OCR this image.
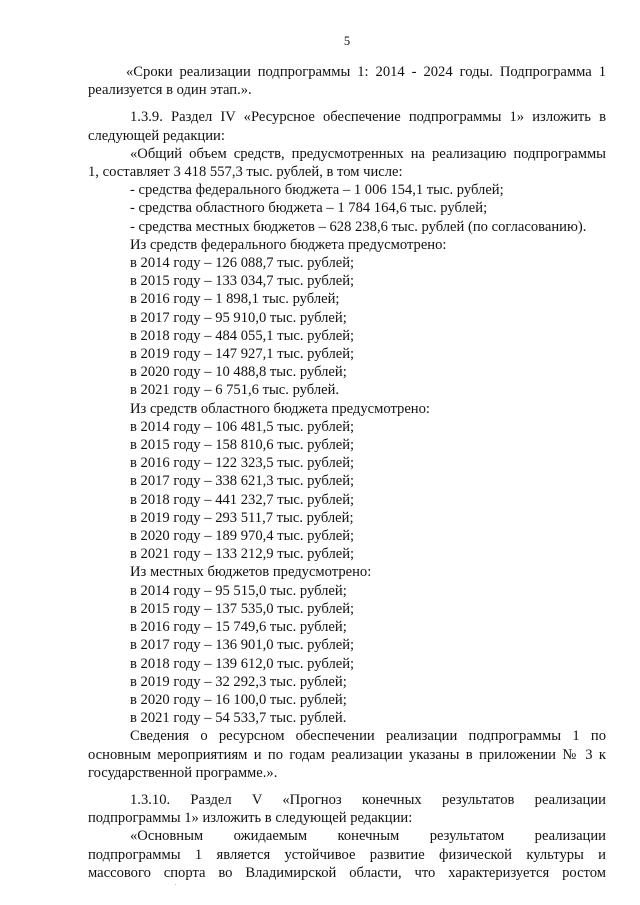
5
«Сроки реализации подпрограммы 1: 2014 - 2024 годы. Подпрограмма 1
реализуется в один этап.».
1.3.9. Раздел IV «Ресурсное обеспечение подпрограммы 1» изложить в
следующей редакции:
«Общий объем средств, предусмотренных на реализацию подпрограммы
1, составляет 3 418 557,3 тыс. рублей, в том числе:
- средства федерального бюджета – 1 006 154,1 тыс. рублей;
- средства областного бюджета – 1 784 164,6 тыс. рублей;
- средства местных бюджетов – 628 238,6 тыс. рублей (по согласованию).
Из средств федерального бюджета предусмотрено:
в 2014 году – 126 088,7 тыс. рублей;
в 2015 году – 133 034,7 тыс. рублей;
в 2016 году – 1 898,1 тыс. рублей;
в 2017 году – 95 910,0 тыс. рублей;
в 2018 году – 484 055,1 тыс. рублей;
в 2019 году – 147 927,1 тыс. рублей;
в 2020 году – 10 488,8 тыс. рублей;
в 2021 году – 6 751,6 тыс. рублей.
Из средств областного бюджета предусмотрено:
в 2014 году – 106 481,5 тыс. рублей;
в 2015 году – 158 810,6 тыс. рублей;
в 2016 году – 122 323,5 тыс. рублей;
в 2017 году – 338 621,3 тыс. рублей;
в 2018 году – 441 232,7 тыс. рублей;
в 2019 году – 293 511,7 тыс. рублей;
в 2020 году – 189 970,4 тыс. рублей;
в 2021 году – 133 212,9 тыс. рублей;
Из местных бюджетов предусмотрено:
в 2014 году – 95 515,0 тыс. рублей;
в 2015 году – 137 535,0 тыс. рублей;
в 2016 году – 15 749,6 тыс. рублей;
в 2017 году – 136 901,0 тыс. рублей;
в 2018 году – 139 612,0 тыс. рублей;
в 2019 году – 32 292,3 тыс. рублей;
в 2020 году – 16 100,0 тыс. рублей;
в 2021 году – 54 533,7 тыс. рублей.
Сведения о ресурсном обеспечении реализации подпрограммы 1 по
основным мероприятиям и по годам реализации указаны в приложении № 3 к
государственной программе.».
1.3.10. Раздел V «Прогноз конечных результатов реализации
подпрограммы 1» изложить в следующей редакции:
«Основным ожидаемым конечным результатом реализации
подпрограммы 1 является устойчивое развитие физической культуры и
массового спорта во Владимирской области, что характеризуется ростом
